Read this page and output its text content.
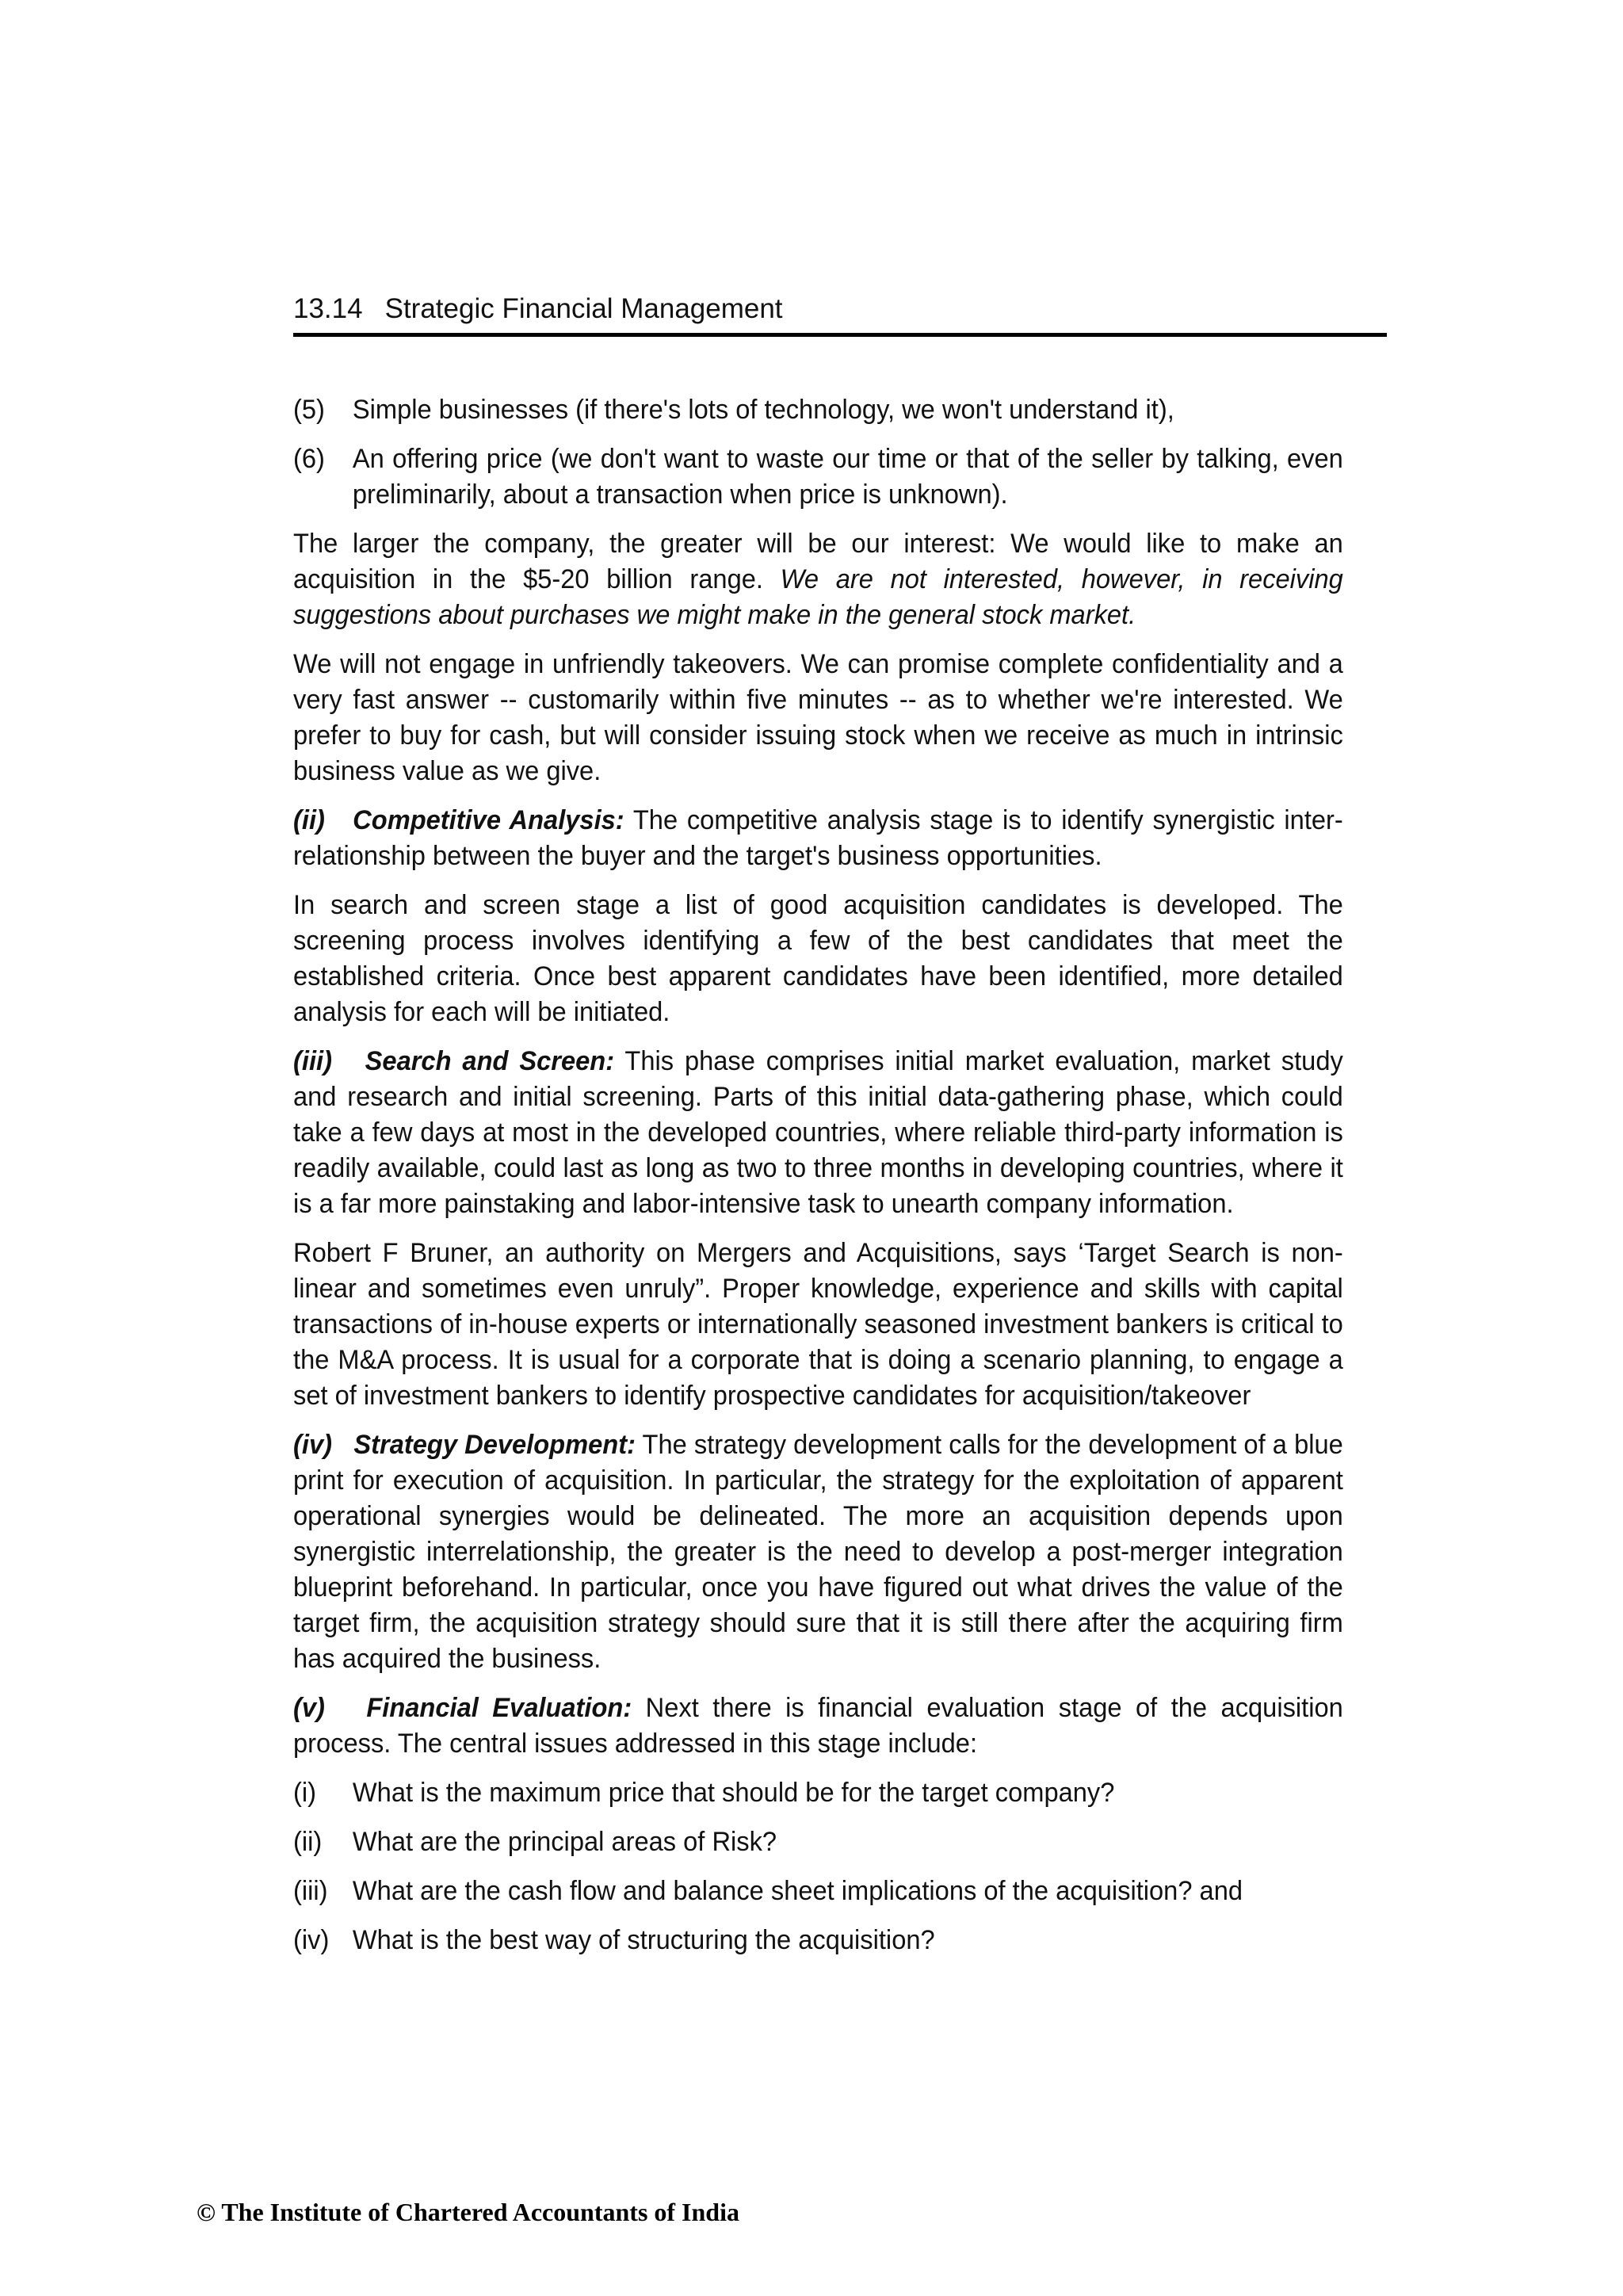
13.14 Strategic Financial Management
(5)	Simple businesses (if there's lots of technology, we won't understand it),
(6)	An offering price (we don't want to waste our time or that of the seller by talking, even preliminarily, about a transaction when price is unknown).

The larger the company, the greater will be our interest: We would like to make an acquisition in the $5-20 billion range. We are not interested, however, in receiving suggestions about purchases we might make in the general stock market.

We will not engage in unfriendly takeovers. We can promise complete confidentiality and a very fast answer -- customarily within five minutes -- as to whether we're interested. We prefer to buy for cash, but will consider issuing stock when we receive as much in intrinsic business value as we give.

(ii) Competitive Analysis: The competitive analysis stage is to identify synergistic inter-relationship between the buyer and the target's business opportunities.

In search and screen stage a list of good acquisition candidates is developed. The screening process involves identifying a few of the best candidates that meet the established criteria. Once best apparent candidates have been identified, more detailed analysis for each will be initiated.

(iii) Search and Screen: This phase comprises initial market evaluation, market study and research and initial screening. Parts of this initial data-gathering phase, which could take a few days at most in the developed countries, where reliable third-party information is readily available, could last as long as two to three months in developing countries, where it is a far more painstaking and labor-intensive task to unearth company information.

Robert F Bruner, an authority on Mergers and Acquisitions, says ‘Target Search is non-linear and sometimes even unruly”. Proper knowledge, experience and skills with capital transactions of in-house experts or internationally seasoned investment bankers is critical to the M&A process. It is usual for a corporate that is doing a scenario planning, to engage a set of investment bankers to identify prospective candidates for acquisition/takeover

(iv) Strategy Development: The strategy development calls for the development of a blue print for execution of acquisition. In particular, the strategy for the exploitation of apparent operational synergies would be delineated. The more an acquisition depends upon synergistic interrelationship, the greater is the need to develop a post-merger integration blueprint beforehand. In particular, once you have figured out what drives the value of the target firm, the acquisition strategy should sure that it is still there after the acquiring firm has acquired the business.

(v) Financial Evaluation: Next there is financial evaluation stage of the acquisition process. The central issues addressed in this stage include:

(i)	What is the maximum price that should be for the target company?
(ii)	What are the principal areas of Risk?
(iii) What are the cash flow and balance sheet implications of the acquisition? and
(iv) What is the best way of structuring the acquisition?
© The Institute of Chartered Accountants of India
